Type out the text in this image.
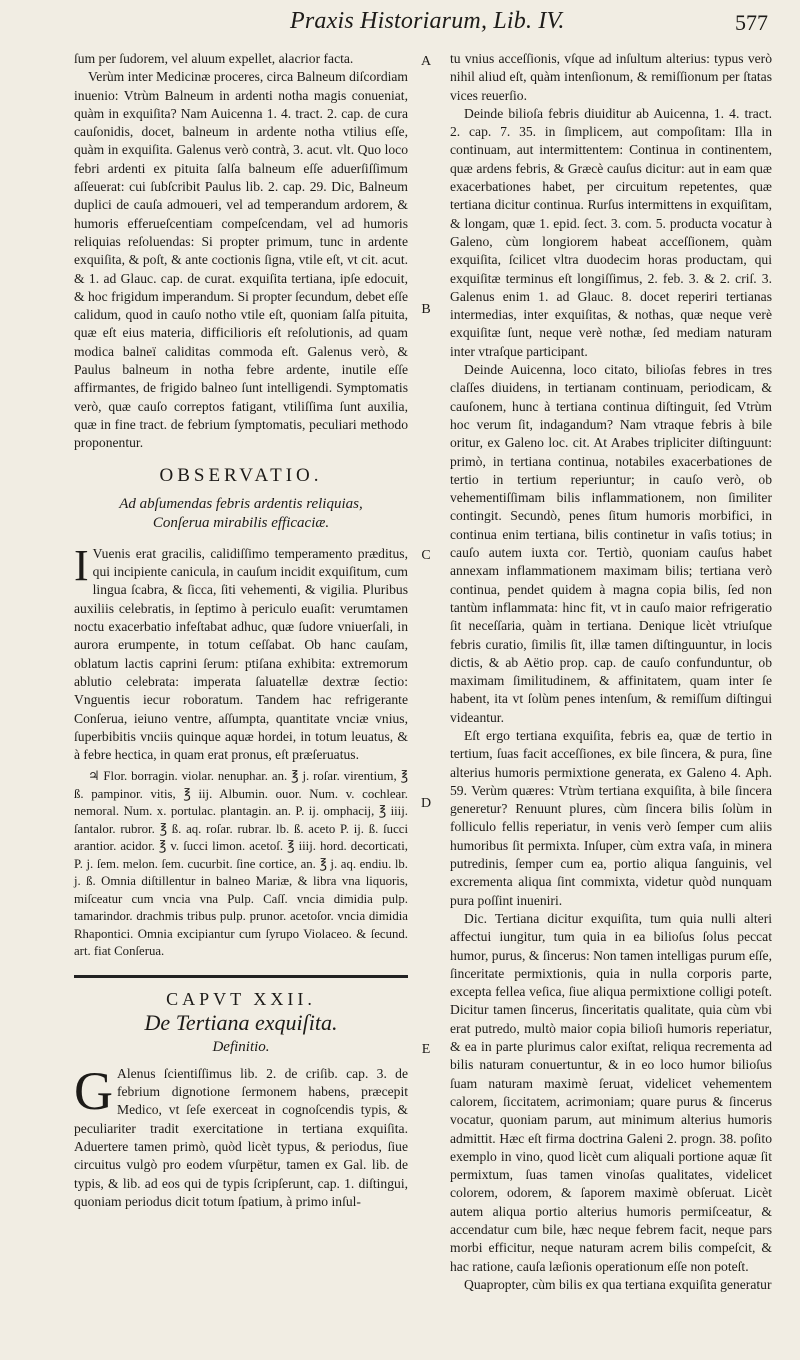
Praxis Historiarum, Lib. IV.	577
A
B
C
D
E

ſum per ſudorem, vel aluum expellet, alacrior facta.

Verùm inter Medicinæ proceres, circa Balneum diſcordiam inuenio: Vtrùm Balneum in ardenti notha magis conueniat, quàm in exquiſita? Nam Auicenna 1. 4. tract. 2. cap. de cura cauſonidis, docet, balneum in ardente notha vtilius eſſe, quàm in exquiſita. Galenus verò contrà, 3. acut. vlt. Quo loco febri ardenti ex pituita ſalſa balneum eſſe aduerſiſſimum aſſeuerat: cui ſubſcribit Paulus lib. 2. cap. 29. Dic, Balneum duplici de cauſa admoueri, vel ad temperandum ardorem, & humoris efferueſcentiam compeſcendam, vel ad humoris reliquias reſoluendas: Si propter primum, tunc in ardente exquiſita, & poſt, & ante coctionis ſigna, vtile eſt, vt cit. acut. & 1. ad Glauc. cap. de curat. exquiſita tertiana, ipſe edocuit, & hoc frigidum imperandum. Si propter ſecundum, debet eſſe calidum, quod in cauſo notho vtile eſt, quoniam ſalſa pituita, quæ eſt eius materia, difficilioris eſt reſolutionis, ad quam modica balneï caliditas commoda eſt. Galenus verò, & Paulus balneum in notha febre ardente, inutile eſſe affirmantes, de frigido balneo ſunt intelligendi. Symptomatis verò, quæ cauſo correptos fatigant, vtiliſſima ſunt auxilia, quæ in fine tract. de febrium ſymptomatis, peculiari methodo proponentur.

OBSERVATIO.
Ad abſumendas febris ardentis reliquias,
Conſerua mirabilis efficaciæ.

I Vuenis erat gracilis, calidiſſimo temperamento præditus, qui incipiente canicula, in cauſum incidit exquiſitum, cum lingua ſcabra, & ſicca, ſiti vehementi, & vigilia. Pluribus auxiliis celebratis, in ſeptimo à periculo euaſit: verumtamen noctu exacerbatio infeſtabat adhuc, quæ ſudore vniuerſali, in aurora erumpente, in totum ceſſabat. Ob hanc cauſam, oblatum lactis caprini ſerum: ptiſana exhibita: extremorum ablutio celebrata: imperata ſaluatellæ dextræ ſectio: Vnguentis iecur roboratum. Tandem hac refrigerante Conſerua, ieiuno ventre, aſſumpta, quantitate vnciæ vnius, ſuperbibitis vnciis quinque aquæ hordei, in totum leuatus, & à febre hectica, in quam erat pronus, eſt præſeruatus.

♃ Flor. borragin. violar. nenuphar. an. ℥ j. roſar. virentium, ℥ ß. pampinor. vitis, ℥ iij. Albumin. ouor. Num. v. cochlear. nemoral. Num. x. portulac. plantagin. an. P. ij. omphacij, ℥ iiij. ſantalor. rubror. ℥ ß. aq. roſar. rubrar. lb. ß. aceto P. ij. ß. ſucci arantior. acidor. ℥ v. ſucci limon. acetoſ. ℥ iiij. hord. decorticati, P. j. ſem. melon. ſem. cucurbit. ſine cortice, an. ℥ j. aq. endiu. lb. j. ß. Omnia diſtillentur in balneo Mariæ, & libra vna liquoris, miſceatur cum vncia vna Pulp. Caſſ. vncia dimidia pulp. tamarindor. drachmis tribus pulp. prunor. acetoſor. vncia dimidia Rhapontici. Omnia excipiantur cum ſyrupo Violaceo. & ſecund. art. fiat Conſerua.

CAPVT XXII.
De Tertiana exquiſita.
Definitio.

G Alenus ſcientiſſimus lib. 2. de criſib. cap. 3. de febrium dignotione ſermonem habens, præcepit Medico, vt ſeſe exerceat in cognoſcendis typis, & peculiariter tradit exercitatione in tertiana exquiſita. Aduertere tamen primò, quòd licèt typus, & periodus, ſiue circuitus vulgò pro eodem vſurpëtur, tamen ex Gal. lib. de typis, & lib. ad eos qui de typis ſcripſerunt, cap. 1. diſtingui, quoniam periodus dicit totum ſpatium, à primo inſul-

tu vnius acceſſionis, vſque ad inſultum alterius: typus verò nihil aliud eſt, quàm intenſionum, & remiſſionum per ſtatas vices reuerſio.

Deinde bilioſa febris diuiditur ab Auicenna, 1. 4. tract. 2. cap. 7. 35. in ſimplicem, aut compoſitam: Illa in continuam, aut intermittentem: Continua in continentem, quæ ardens febris, & Græcè cauſus dicitur: aut in eam quæ exacerbationes habet, per circuitum repetentes, quæ tertiana dicitur continua. Rurſus intermittens in exquiſitam, & longam, quæ 1. epid. ſect. 3. com. 5. producta vocatur à Galeno, cùm longiorem habeat acceſſionem, quàm exquiſita, ſcilicet vltra duodecim horas productam, qui exquiſitæ terminus eſt longiſſimus, 2. feb. 3. & 2. criſ. 3. Galenus enim 1. ad Glauc. 8. docet reperiri tertianas intermedias, inter exquiſitas, & nothas, quæ neque verè exquiſitæ ſunt, neque verè nothæ, ſed mediam naturam inter vtraſque participant.

Deinde Auicenna, loco citato, bilioſas febres in tres claſſes diuidens, in tertianam continuam, periodicam, & cauſonem, hunc à tertiana continua diſtinguit, ſed Vtrùm hoc verum ſit, indagandum? Nam vtraque febris à bile oritur, ex Galeno loc. cit. At Arabes tripliciter diſtinguunt: primò, in tertiana continua, notabiles exacerbationes de tertio in tertium reperiuntur; in cauſo verò, ob vehementiſſimam bilis inflammationem, non ſimiliter contingit. Secundò, penes ſitum humoris morbifici, in continua enim tertiana, bilis continetur in vaſis totius; in cauſo autem iuxta cor. Tertiò, quoniam cauſus habet annexam inflammationem maximam bilis; tertiana verò continua, pendet quidem à magna copia bilis, ſed non tantùm inflammata: hinc fit, vt in cauſo maior refrigeratio ſit neceſſaria, quàm in tertiana. Denique licèt vtriuſque febris curatio, ſimilis ſit, illæ tamen diſtinguuntur, in locis dictis, & ab Aëtio prop. cap. de cauſo confunduntur, ob maximam ſimilitudinem, & affinitatem, quam inter ſe habent, ita vt ſolùm penes intenſum, & remiſſum diſtingui videantur.

Eſt ergo tertiana exquiſita, febris ea, quæ de tertio in tertium, ſuas facit acceſſiones, ex bile ſincera, & pura, ſine alterius humoris permixtione generata, ex Galeno 4. Aph. 59. Verùm quæres: Vtrùm tertiana exquiſita, à bile ſincera generetur? Renuunt plures, cùm ſincera bilis ſolùm in folliculo fellis reperiatur, in venis verò ſemper cum aliis humoribus ſit permixta. Inſuper, cùm extra vaſa, in minera putredinis, ſemper cum ea, portio aliqua ſanguinis, vel excrementa aliqua ſint commixta, videtur quòd nunquam pura poſſint inueniri.

Dic. Tertiana dicitur exquiſita, tum quia nulli alteri affectui iungitur, tum quia in ea bilioſus ſolus peccat humor, purus, & ſincerus: Non tamen intelligas purum eſſe, ſinceritate permixtionis, quia in nulla corporis parte, excepta fellea veſica, ſiue aliqua permixtione colligi poteſt. Dicitur tamen ſincerus, ſinceritatis qualitate, quia cùm vbi erat putredo, multò maior copia bilioſi humoris reperiatur, & ea in parte plurimus calor exiſtat, reliqua recrementa ad bilis naturam conuertuntur, & in eo loco humor bilioſus ſuam naturam maximè ſeruat, videlicet vehementem calorem, ſiccitatem, acrimoniam; quare purus & ſincerus vocatur, quoniam parum, aut minimum alterius humoris admittit. Hæc eſt firma doctrina Galeni 2. progn. 38. poſito exemplo in vino, quod licèt cum aliquali portione aquæ ſit permixtum, ſuas tamen vinoſas qualitates, videlicet colorem, odorem, & ſaporem maximè obſeruat. Licèt autem aliqua portio alterius humoris permiſceatur, & accendatur cum bile, hæc neque febrem facit, neque pars morbi efficitur, neque naturam acrem bilis compeſcit, & hac ratione, cauſa læſionis operationum eſſe non poteſt.

Quapropter, cùm bilis ex qua tertiana exquiſita generatur
